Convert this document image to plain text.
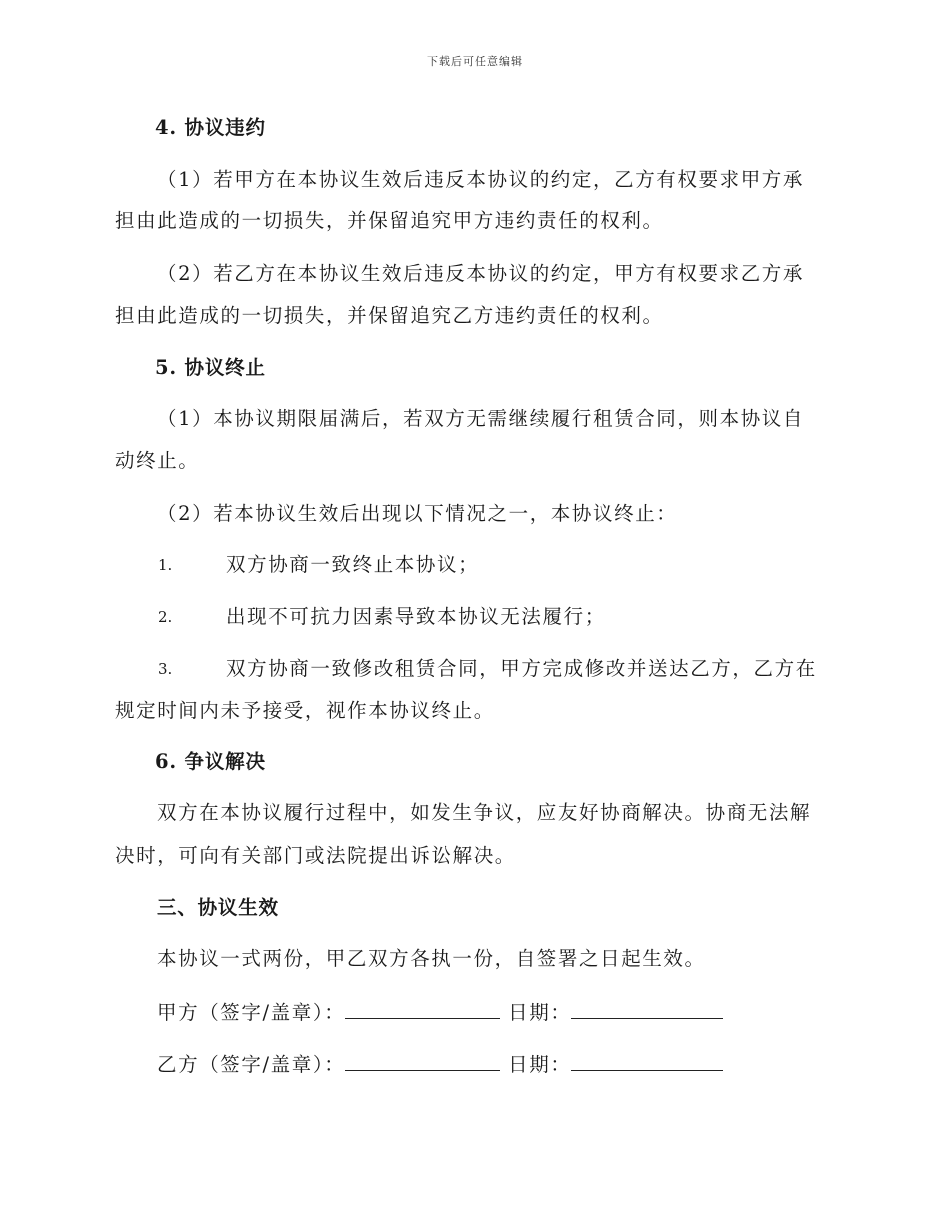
下载后可任意编辑
4. 协议违约
（1）若甲方在本协议生效后违反本协议的约定，乙方有权要求甲方承
担由此造成的一切损失，并保留追究甲方违约责任的权利。
（2）若乙方在本协议生效后违反本协议的约定，甲方有权要求乙方承
担由此造成的一切损失，并保留追究乙方违约责任的权利。
5. 协议终止
（1）本协议期限届满后，若双方无需继续履行租赁合同，则本协议自
动终止。
（2）若本协议生效后出现以下情况之一，本协议终止：
1.	双方协商一致终止本协议；
2.	出现不可抗力因素导致本协议无法履行；
3.	双方协商一致修改租赁合同，甲方完成修改并送达乙方，乙方在
规定时间内未予接受，视作本协议终止。
6. 争议解决
双方在本协议履行过程中，如发生争议，应友好协商解决。协商无法解
决时，可向有关部门或法院提出诉讼解决。
三、协议生效
本协议一式两份，甲乙双方各执一份，自签署之日起生效。
甲方（签字/盖章）：	日期：
乙方（签字/盖章）：	日期：
